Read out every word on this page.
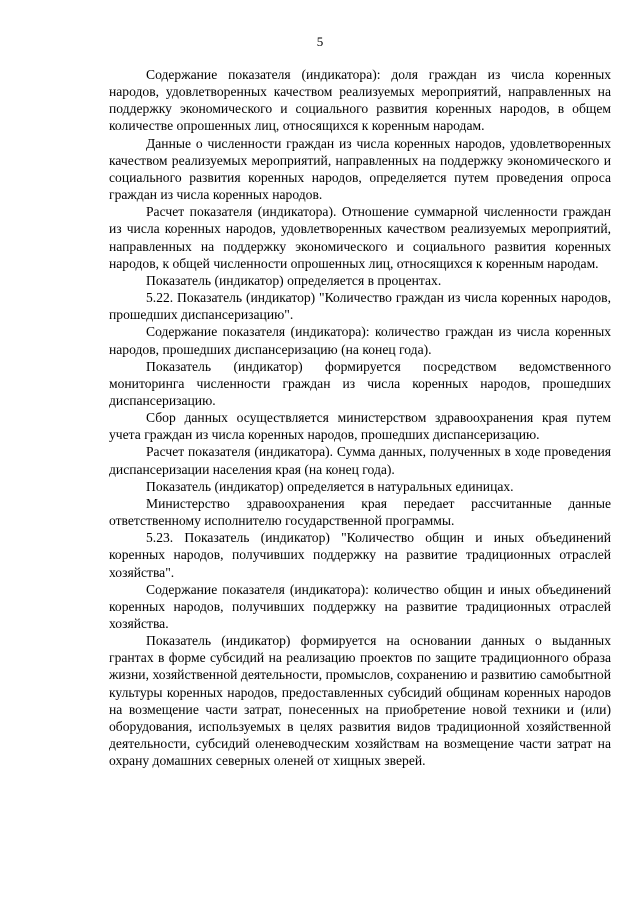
5

Содержание показателя (индикатора): доля граждан из числа коренных народов, удовлетворенных качеством реализуемых мероприятий, направленных на поддержку экономического и социального развития коренных народов, в общем количестве опрошенных лиц, относящихся к коренным народам.

Данные о численности граждан из числа коренных народов, удовлетворенных качеством реализуемых мероприятий, направленных на поддержку экономического и социального развития коренных народов, определяется путем проведения опроса граждан из числа коренных народов.

Расчет показателя (индикатора). Отношение суммарной численности граждан из числа коренных народов, удовлетворенных качеством реализуемых мероприятий, направленных на поддержку экономического и социального развития коренных народов, к общей численности опрошенных лиц, относящихся к коренным народам.

Показатель (индикатор) определяется в процентах.

5.22. Показатель (индикатор) "Количество граждан из числа коренных народов, прошедших диспансеризацию".

Содержание показателя (индикатора): количество граждан из числа коренных народов, прошедших диспансеризацию (на конец года).

Показатель (индикатор) формируется посредством ведомственного мониторинга численности граждан из числа коренных народов, прошедших диспансеризацию.

Сбор данных осуществляется министерством здравоохранения края путем учета граждан из числа коренных народов, прошедших диспансеризацию.

Расчет показателя (индикатора). Сумма данных, полученных в ходе проведения диспансеризации населения края (на конец года).

Показатель (индикатор) определяется в натуральных единицах.

Министерство здравоохранения края передает рассчитанные данные ответственному исполнителю государственной программы.

5.23. Показатель (индикатор) "Количество общин и иных объединений коренных народов, получивших поддержку на развитие традиционных отраслей хозяйства".

Содержание показателя (индикатора): количество общин и иных объединений коренных народов, получивших поддержку на развитие традиционных отраслей хозяйства.

Показатель (индикатор) формируется на основании данных о выданных грантах в форме субсидий на реализацию проектов по защите традиционного образа жизни, хозяйственной деятельности, промыслов, сохранению и развитию самобытной культуры коренных народов, предоставленных субсидий общинам коренных народов на возмещение части затрат, понесенных на приобретение новой техники и (или) оборудования, используемых в целях развития видов традиционной хозяйственной деятельности, субсидий оленеводческим хозяйствам на возмещение части затрат на охрану домашних северных оленей от хищных зверей.
